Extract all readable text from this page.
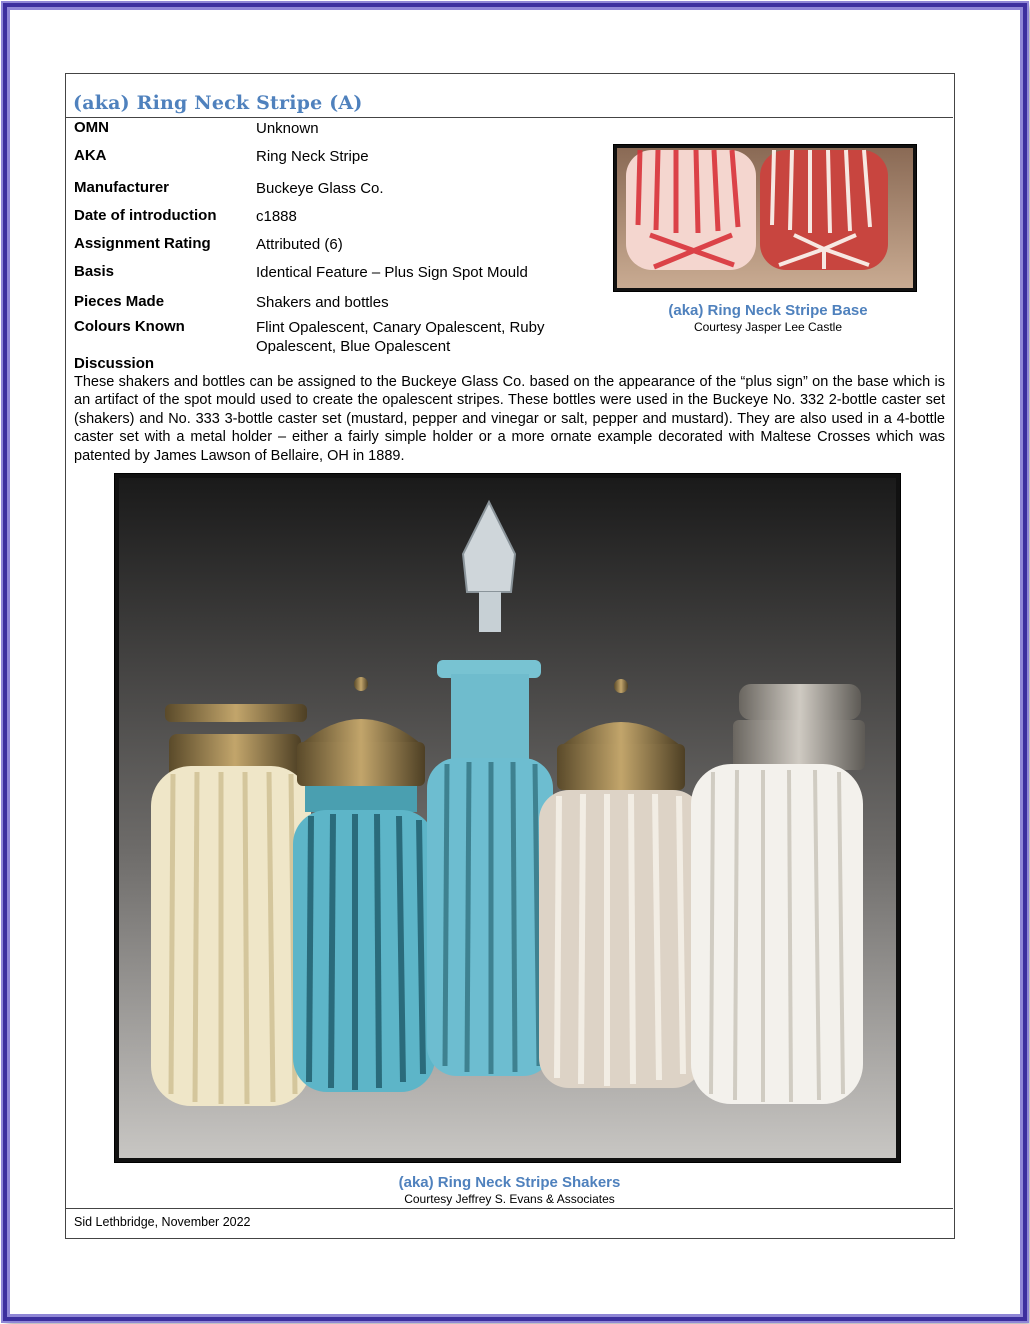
(aka) Ring Neck Stripe (A)
OMN	Unknown
AKA	Ring Neck Stripe
Manufacturer	Buckeye Glass Co.
Date of introduction	c1888
Assignment Rating	Attributed (6)
Basis	Identical Feature – Plus Sign Spot Mould
Pieces Made	Shakers and bottles
Colours Known	Flint Opalescent, Canary Opalescent, Ruby Opalescent, Blue Opalescent
(aka) Ring Neck Stripe Base
Courtesy Jasper Lee Castle
Discussion
These shakers and bottles can be assigned to the Buckeye Glass Co. based on the appearance of the “plus sign” on the base which is an artifact of the spot mould used to create the opalescent stripes. These bottles were used in the Buckeye No. 332 2-bottle caster set (shakers) and No. 333 3-bottle caster set (mustard, pepper and vinegar or salt, pepper and mustard). They are also used in a 4-bottle caster set with a metal holder – either a fairly simple holder or a more ornate example decorated with Maltese Crosses which was patented by James Lawson of Bellaire, OH in 1889.
(aka) Ring Neck Stripe Shakers
Courtesy Jeffrey S. Evans & Associates
Sid Lethbridge, November 2022
